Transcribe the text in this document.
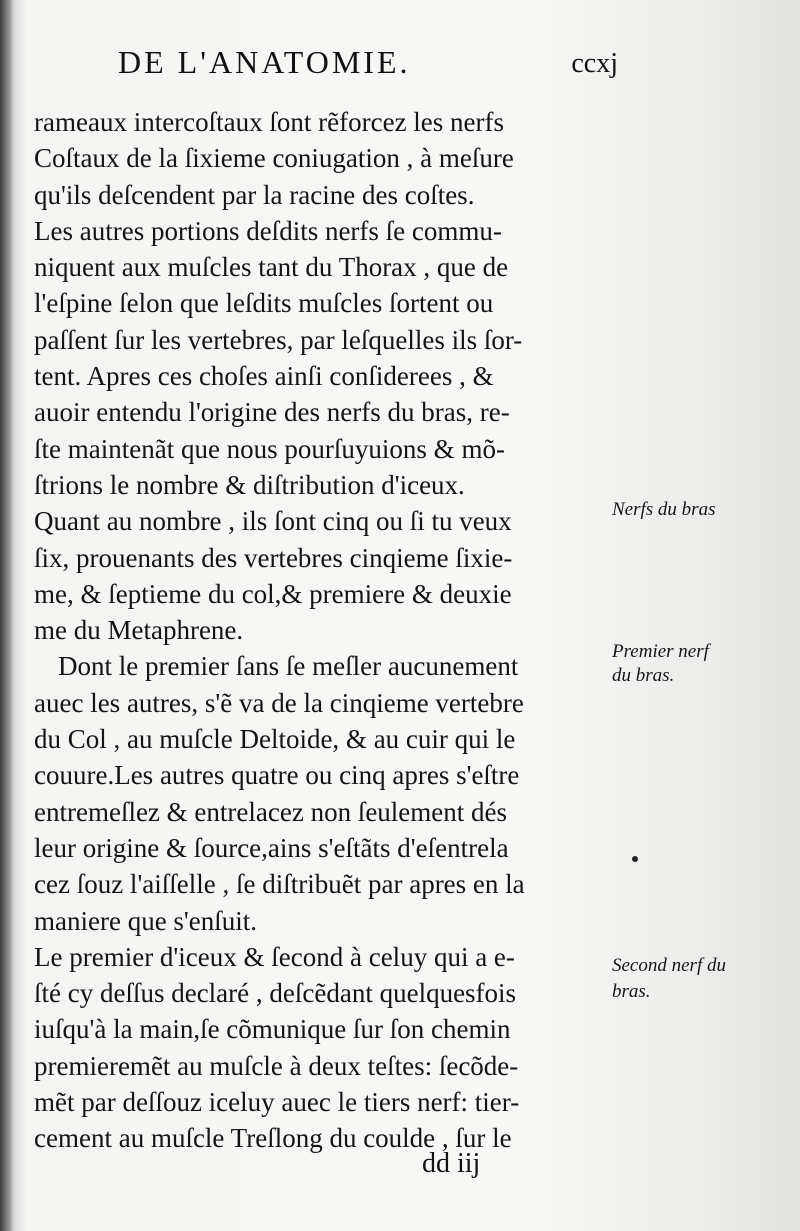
DE L'ANATOMIE.	ccxj
rameaux intercoſtaux ſont rẽforcez les nerfs
Coſtaux de la ſixieme coniugation , à meſure
qu'ils deſcendent par la racine des coſtes.
Les autres portions deſdits nerfs ſe commu-
niquent aux muſcles tant du Thorax , que de
l'eſpine ſelon que leſdits muſcles ſortent ou
paſſent ſur les vertebres, par leſquelles ils ſor-
tent. Apres ces choſes ainſi conſiderees , &
auoir entendu l'origine des nerfs du bras, re-
ſte maintenãt que nous pourſuyuions & mõ-
ſtrions le nombre & diſtribution d'iceux.
Quant au nombre , ils ſont cinq ou ſi tu veux
ſix, prouenants des vertebres cinqieme ſixie-
me, & ſeptieme du col,& premiere & deuxie
me du Metaphrene.
Dont le premier ſans ſe meſler aucunement
auec les autres, s'ẽ va de la cinqieme vertebre
du Col , au muſcle Deltoide, & au cuir qui le
couure.Les autres quatre ou cinq apres s'eſtre
entremeſlez & entrelacez non ſeulement dés
leur origine & ſource,ains s'eſtãts d'eſentrela
cez ſouz l'aiſſelle , ſe diſtribuẽt par apres en la
maniere que s'enſuit.
Le premier d'iceux & ſecond à celuy qui a e-
ſté cy deſſus declaré , deſcẽdant quelquesfois
iuſqu'à la main,ſe cõmunique ſur ſon chemin
premieremẽt au muſcle à deux teſtes: ſecõde-
mẽt par deſſouz iceluy auec le tiers nerf: tier-
cement au muſcle Treſlong du coulde , ſur le
Nerfs du bras
Premier nerf
du bras.
Second nerf du
bras.
dd iij
